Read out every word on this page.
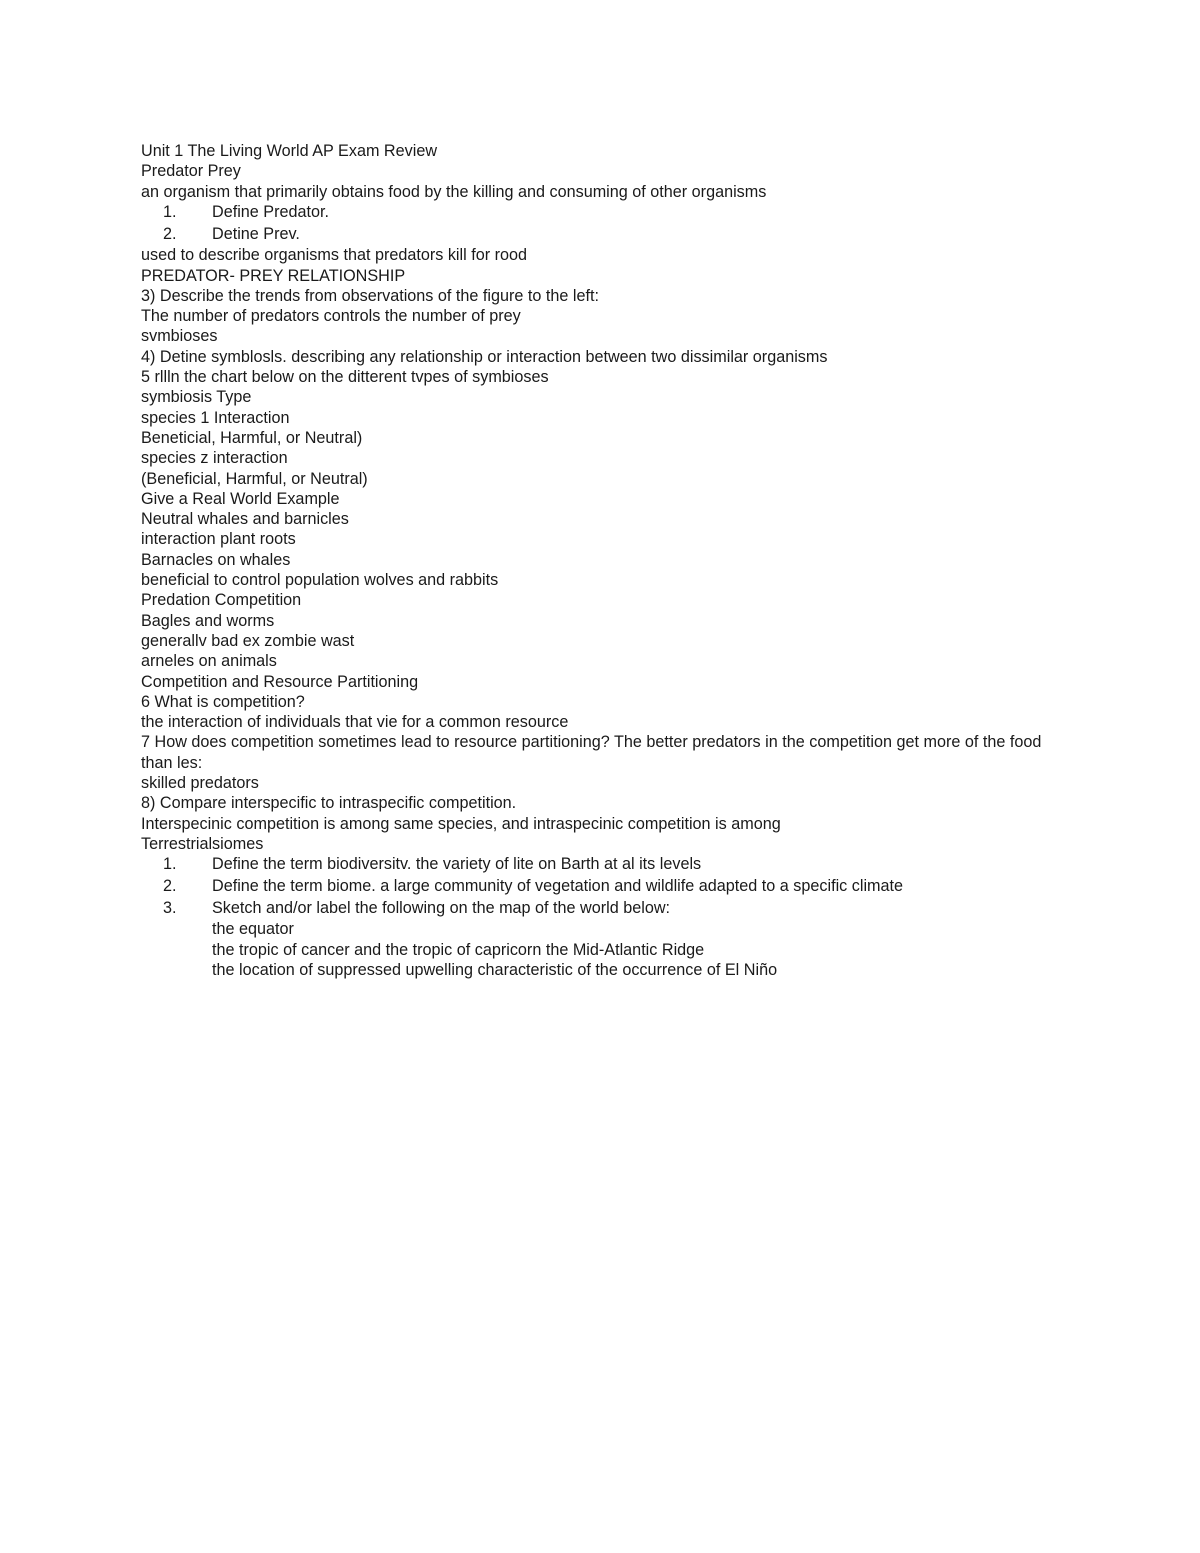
Unit 1 The Living World AP Exam Review
Predator Prey
an organism that primarily obtains food by the killing and consuming of other organisms
1.	Define Predator.
2.	Detine Prev.
used to describe organisms that predators kill for rood
PREDATOR- PREY RELATIONSHIP
3) Describe the trends from observations of the figure to the left:
The number of predators controls the number of prey
svmbioses
4) Detine symblosls. describing any relationship or interaction between two dissimilar organisms
5 rllln the chart below on the ditterent tvpes of symbioses
symbiosis Type
species 1 Interaction
Beneticial, Harmful, or Neutral)
species z interaction
(Beneficial, Harmful, or Neutral)
Give a Real World Example
Neutral whales and barnicles
interaction plant roots
Barnacles on whales
beneficial to control population wolves and rabbits
Predation Competition
Bagles and worms
generallv bad ex zombie wast
arneles on animals
Competition and Resource Partitioning
6 What is competition?
the interaction of individuals that vie for a common resource
7 How does competition sometimes lead to resource partitioning? The better predators in the competition get more of the food than les:
skilled predators
8) Compare interspecific to intraspecific competition.
Interspecinic competition is among same species, and intraspecinic competition is among
Terrestrialsiomes
1.	Define the term biodiversitv. the variety of lite on Barth at al its levels
2.	Define the term biome. a large community of vegetation and wildlife adapted to a specific climate
3.	Sketch and/or label the following on the map of the world below:
the equator
the tropic of cancer and the tropic of capricorn the Mid-Atlantic Ridge
the location of suppressed upwelling characteristic of the occurrence of El Niño
